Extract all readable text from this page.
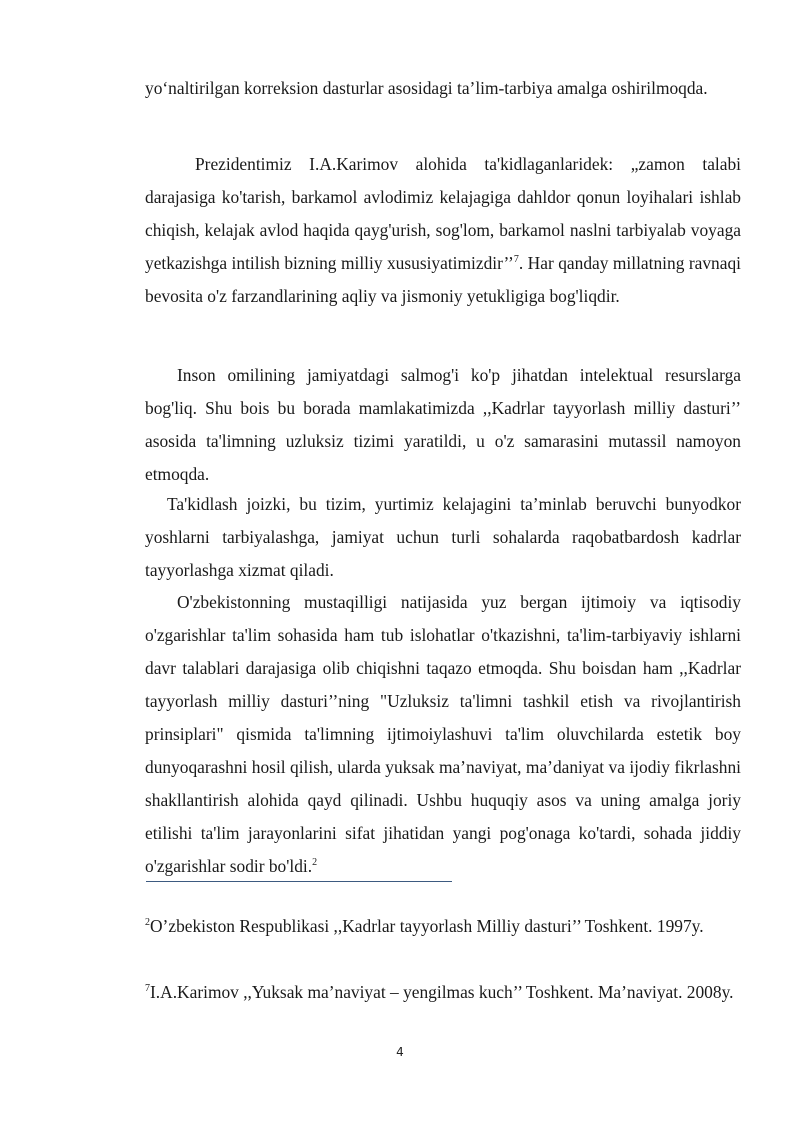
yo‘naltirilgan korreksion dasturlar asosidagi ta’lim-tarbiya amalga oshirilmoqda.

Prezidentimiz I.A.Karimov alohida ta'kidlaganlaridek: „zamon talabi darajasiga ko'tarish, barkamol avlodimiz kelajagiga dahldor qonun loyihalari ishlab chiqish, kelajak avlod haqida qayg'urish, sog'lom, barkamol naslni tarbiyalab voyaga yetkazishga intilish bizning milliy xususiyatimizdir’’$^7$. Har qanday millatning ravnaqi bevosita o'z farzandlarining aqliy va jismoniy yetukligiga bog'liqdir.

Inson omilining jamiyatdagi salmog'i ko'p jihatdan intelektual resurslarga bog'liq. Shu bois bu borada mamlakatimizda ,,Kadrlar tayyorlash milliy dasturi’’ asosida ta'limning uzluksiz tizimi yaratildi, u o'z samarasini mutassil namoyon etmoqda.

Ta'kidlash joizki, bu tizim, yurtimiz kelajagini ta’minlab beruvchi bunyodkor yoshlarni tarbiyalashga, jamiyat uchun turli sohalarda raqobatbardosh kadrlar tayyorlashga xizmat qiladi.

O'zbekistonning mustaqilligi natijasida yuz bergan ijtimoiy va iqtisodiy o'zgarishlar ta'lim sohasida ham tub islohatlar o'tkazishni, ta'lim-tarbiyaviy ishlarni davr talablari darajasiga olib chiqishni taqazo etmoqda. Shu boisdan ham ,,Kadrlar tayyorlash milliy dasturi’’ning "Uzluksiz ta'limni tashkil etish va rivojlantirish prinsiplari" qismida ta'limning ijtimoiylashuvi ta'lim oluvchilarda estetik boy dunyoqarashni hosil qilish, ularda yuksak ma’naviyat, ma’daniyat va ijodiy fikrlashni shakllantirish alohida qayd qilinadi. Ushbu huquqiy asos va uning amalga joriy etilishi ta'lim jarayonlarini sifat jihatidan yangi pog'onaga ko'tardi, sohada jiddiy o'zgarishlar sodir bo'ldi.$^2$

$^2$O’zbekiston Respublikasi ,,Kadrlar tayyorlash Milliy dasturi’’ Toshkent. 1997y.

$^7$I.A.Karimov ,,Yuksak ma’naviyat – yengilmas kuch’’ Toshkent. Ma’naviyat. 2008y.

4
